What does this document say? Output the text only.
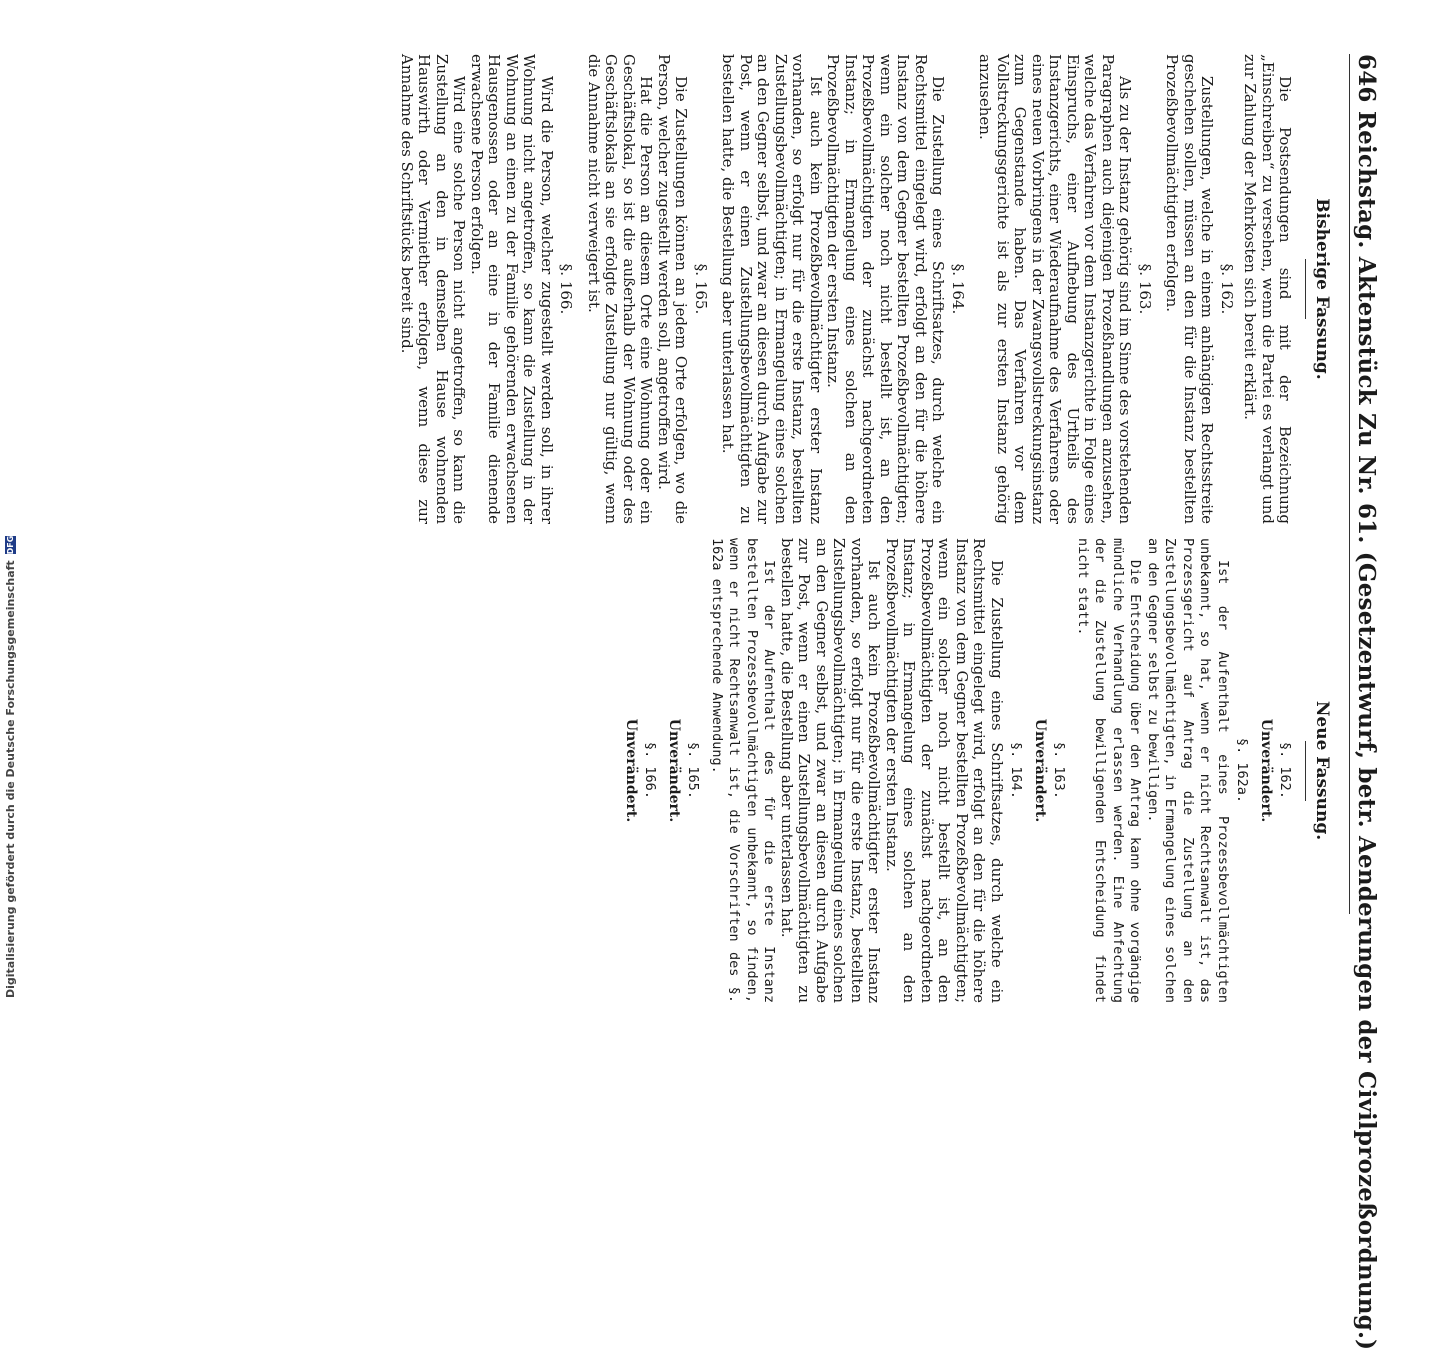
646 Reichstag. Aktenstück Zu Nr. 61. (Gesetzentwurf, betr. Aenderungen der Civilprozeßordnung.)
Bisherige Fassung.

Die Postsendungen sind mit der Bezeichnung „Einschreiben“ zu versehen, wenn die Partei es verlangt und zur Zahlung der Mehrkosten sich bereit erklärt.

§. 162.

Zustellungen, welche in einem anhängigen Rechtsstreite geschehen sollen, müssen an den für die Instanz bestellten Prozeßbevollmächtigten erfolgen.

§. 163.

Als zu der Instanz gehörig sind im Sinne des vorstehenden Paragraphen auch diejenigen Prozeßhandlungen anzusehen, welche das Verfahren vor dem Instanzgerichte in Folge eines Einspruchs, einer Aufhebung des Urtheils des Instanzgerichts, einer Wiederaufnahme des Verfahrens oder eines neuen Vorbringens in der Zwangsvollstreckungsinstanz zum Gegenstande haben. Das Verfahren vor dem Vollstreckungsgerichte ist als zur ersten Instanz gehörig anzusehen.

§. 164.

Die Zustellung eines Schriftsatzes, durch welche ein Rechtsmittel eingelegt wird, erfolgt an den für die höhere Instanz von dem Gegner bestellten Prozeßbevollmächtigten; wenn ein solcher noch nicht bestellt ist, an den Prozeßbevollmächtigten der zunächst nachgeordneten Instanz; in Ermangelung eines solchen an den Prozeßbevollmächtigten der ersten Instanz.

Ist auch kein Prozeßbevollmächtigter erster Instanz vorhanden, so erfolgt nur für die erste Instanz, bestellten Zustellungsbevollmächtigten; in Ermangelung eines solchen an den Gegner selbst, und zwar an diesen durch Aufgabe zur Post, wenn er einen Zustellungsbevollmächtigten zu bestellen hatte, die Bestellung aber unterlassen hat.

§. 165.

Die Zustellungen können an jedem Orte erfolgen, wo die Person, welcher zugestellt werden soll, angetroffen wird.

Hat die Person an diesem Orte eine Wohnung oder ein Geschäftslokal, so ist die außerhalb der Wohnung oder des Geschäftslokals an sie erfolgte Zustellung nur gültig, wenn die Annahme nicht verweigert ist.

§. 166.

Wird die Person, welcher zugestellt werden soll, in ihrer Wohnung nicht angetroffen, so kann die Zustellung in der Wohnung an einen zu der Familie gehörenden erwachsenen Hausgenossen oder an eine in der Familie dienende erwachsene Person erfolgen.

Wird eine solche Person nicht angetroffen, so kann die Zustellung an den in demselben Hause wohnenden Hauswirth oder Vermiether erfolgen, wenn diese zur Annahme des Schriftstücks bereit sind.

Neue Fassung.
§. 162.
Unverändert.
§. 162a.

Ist der Aufenthalt eines Prozessbevollmächtigten unbekannt, so hat, wenn er nicht Rechtsanwalt ist, das Prozessgericht auf Antrag die Zustellung an den Zustellungsbevollmächtigten, in Ermangelung eines solchen an den Gegner selbst zu bewilligen.

Die Entscheidung über den Antrag kann ohne vorgängige mündliche Verhandlung erlassen werden. Eine Anfechtung der die Zustellung bewilligenden Entscheidung findet nicht statt.

§. 163.
Unverändert.
§. 164.

Die Zustellung eines Schriftsatzes, durch welche ein Rechtsmittel eingelegt wird, erfolgt an den für die höhere Instanz von dem Gegner bestellten Prozeßbevollmächtigten; wenn ein solcher noch nicht bestellt ist, an den Prozeßbevollmächtigten der zunächst nachgeordneten Instanz; in Ermangelung eines solchen an den Prozeßbevollmächtigten der ersten Instanz.

Ist auch kein Prozeßbevollmächtigter erster Instanz vorhanden, so erfolgt nur für die erste Instanz, bestellten Zustellungsbevollmächtigten; in Ermangelung eines solchen an den Gegner selbst, und zwar an diesen durch Aufgabe zur Post, wenn er einen Zustellungsbevollmächtigten zu bestellen hatte, die Bestellung aber unterlassen hat.

Ist der Aufenthalt des für die erste Instanz bestellten Prozessbevollmächtigten unbekannt, so finden, wenn er nicht Rechtsanwalt ist, die Vorschriften des §. 162a entsprechende Anwendung.

§. 165.
Unverändert.
§. 166.
Unverändert.
Digitalisierung gefördert durch die Deutsche Forschungsgemeinschaft
DFG
